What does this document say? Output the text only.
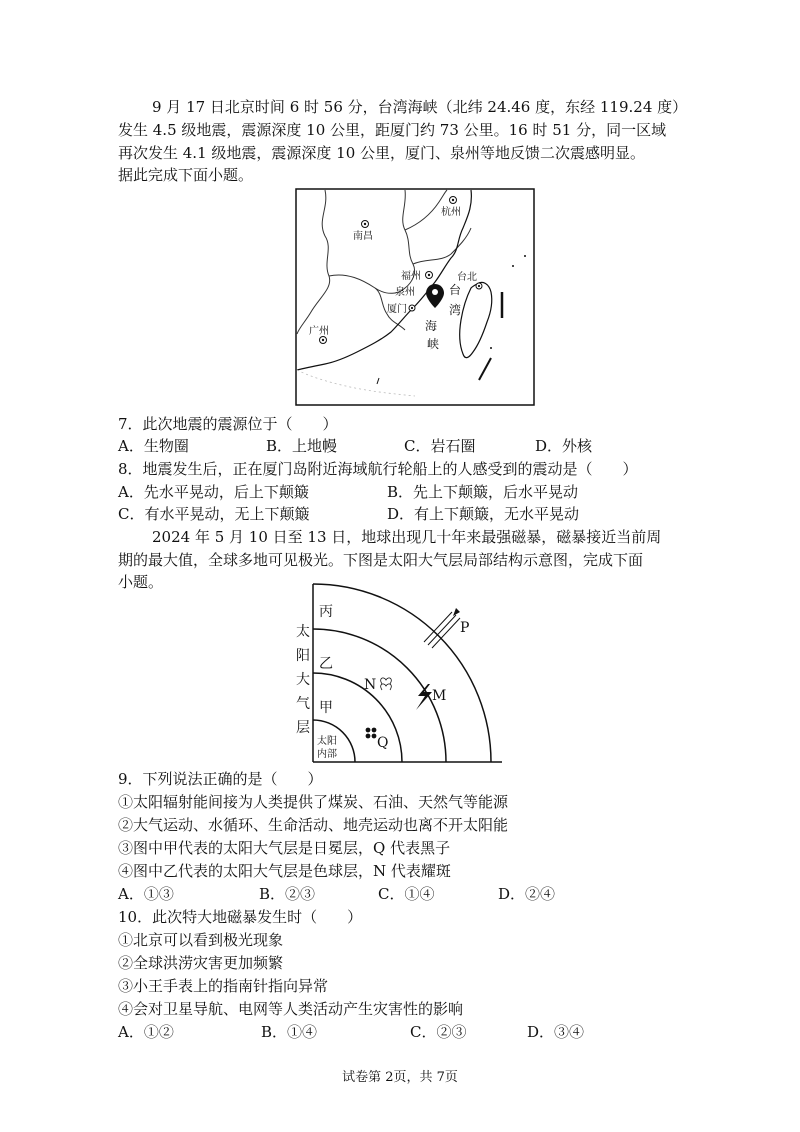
9 月 17 日北京时间 6 时 56 分，台湾海峡（北纬 24.46 度，东经 119.24 度）
发生 4.5 级地震，震源深度 10 公里，距厦门约 73 公里。16 时 51 分，同一区域
再次发生 4.1 级地震，震源深度 10 公里，厦门、泉州等地反馈二次震感明显。
据此完成下面小题。
杭州
南昌
福州	台北
泉州
厦门
广州
台
湾
海
峡
7．此次地震的震源位于（　　）
A．生物圈	B．上地幔	C．岩石圈	D．外核
8．地震发生后，正在厦门岛附近海域航行轮船上的人感受到的震动是（　　）
A．先水平晃动，后上下颠簸	B．先上下颠簸，后水平晃动
C．有水平晃动，无上下颠簸	D．有上下颠簸，无水平晃动
2024 年 5 月 10 日至 13 日，地球出现几十年来最强磁暴，磁暴接近当前周
期的最大值，全球多地可见极光。下图是太阳大气层局部结构示意图，完成下面
小题。
太
阳
大
气
层
丙
乙
甲
太阳
内部
P
N
M
Q
9．下列说法正确的是（　　）
①太阳辐射能间接为人类提供了煤炭、石油、天然气等能源
②大气运动、水循环、生命活动、地壳运动也离不开太阳能
③图中甲代表的太阳大气层是日冕层，Q 代表黑子
④图中乙代表的太阳大气层是色球层，N 代表耀斑
A．①③	B．②③	C．①④	D．②④
10．此次特大地磁暴发生时（　　）
①北京可以看到极光现象
②全球洪涝灾害更加频繁
③小王手表上的指南针指向异常
④会对卫星导航、电网等人类活动产生灾害性的影响
A．①②	B．①④	C．②③	D．③④
试卷第 2页，共 7页
